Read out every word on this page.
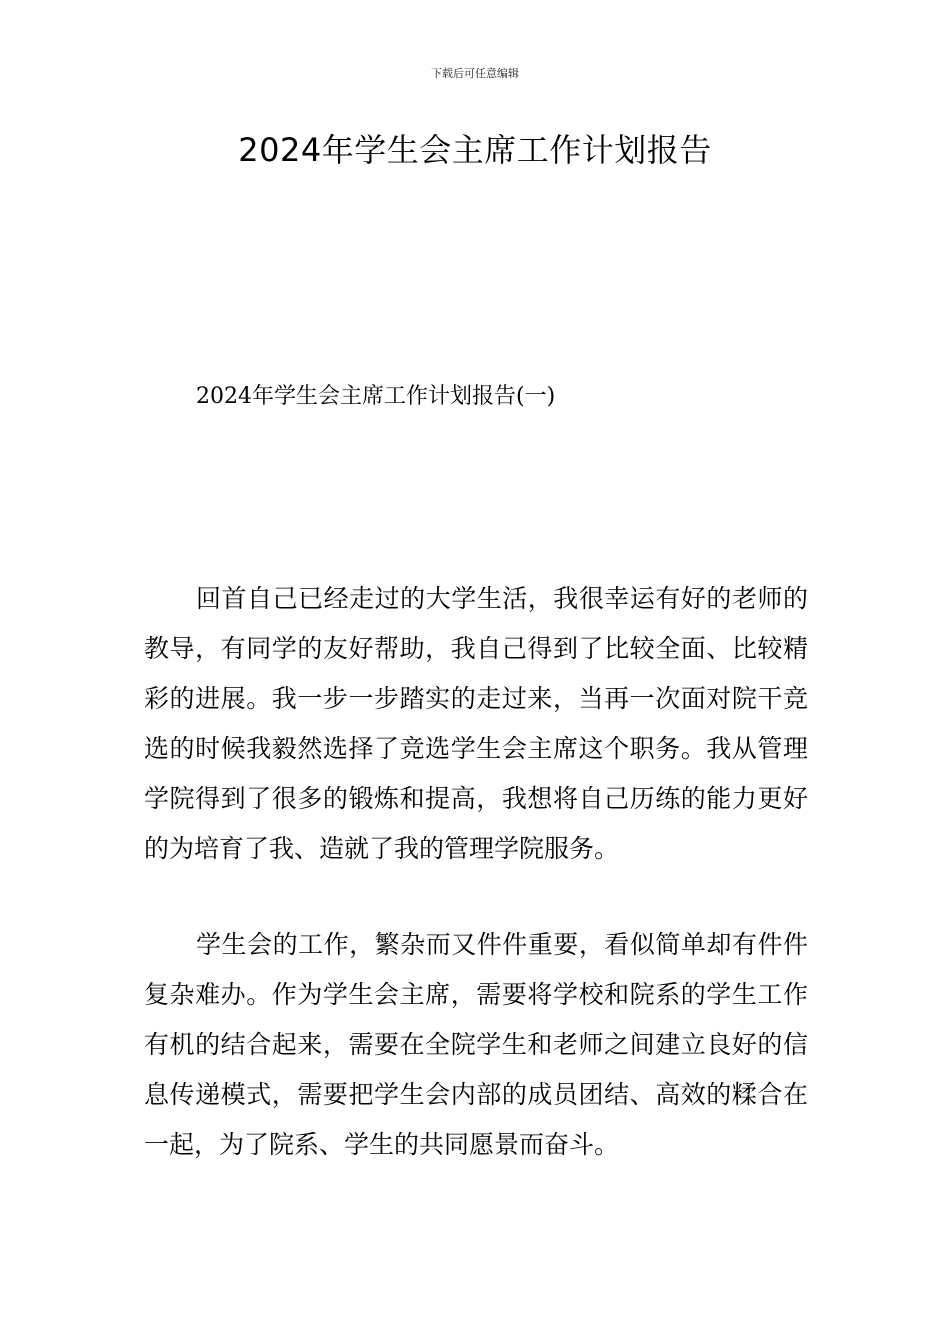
下载后可任意编辑
2024年学生会主席工作计划报告
2024年学生会主席工作计划报告(一)

回首自己已经走过的大学生活，我很幸运有好的老师的教导，有同学的友好帮助，我自己得到了比较全面、比较精彩的进展。我一步一步踏实的走过来，当再一次面对院干竞选的时候我毅然选择了竞选学生会主席这个职务。我从管理学院得到了很多的锻炼和提高，我想将自己历练的能力更好的为培育了我、造就了我的管理学院服务。

学生会的工作，繁杂而又件件重要，看似简单却有件件复杂难办。作为学生会主席，需要将学校和院系的学生工作有机的结合起来，需要在全院学生和老师之间建立良好的信息传递模式，需要把学生会内部的成员团结、高效的糅合在一起，为了院系、学生的共同愿景而奋斗。
